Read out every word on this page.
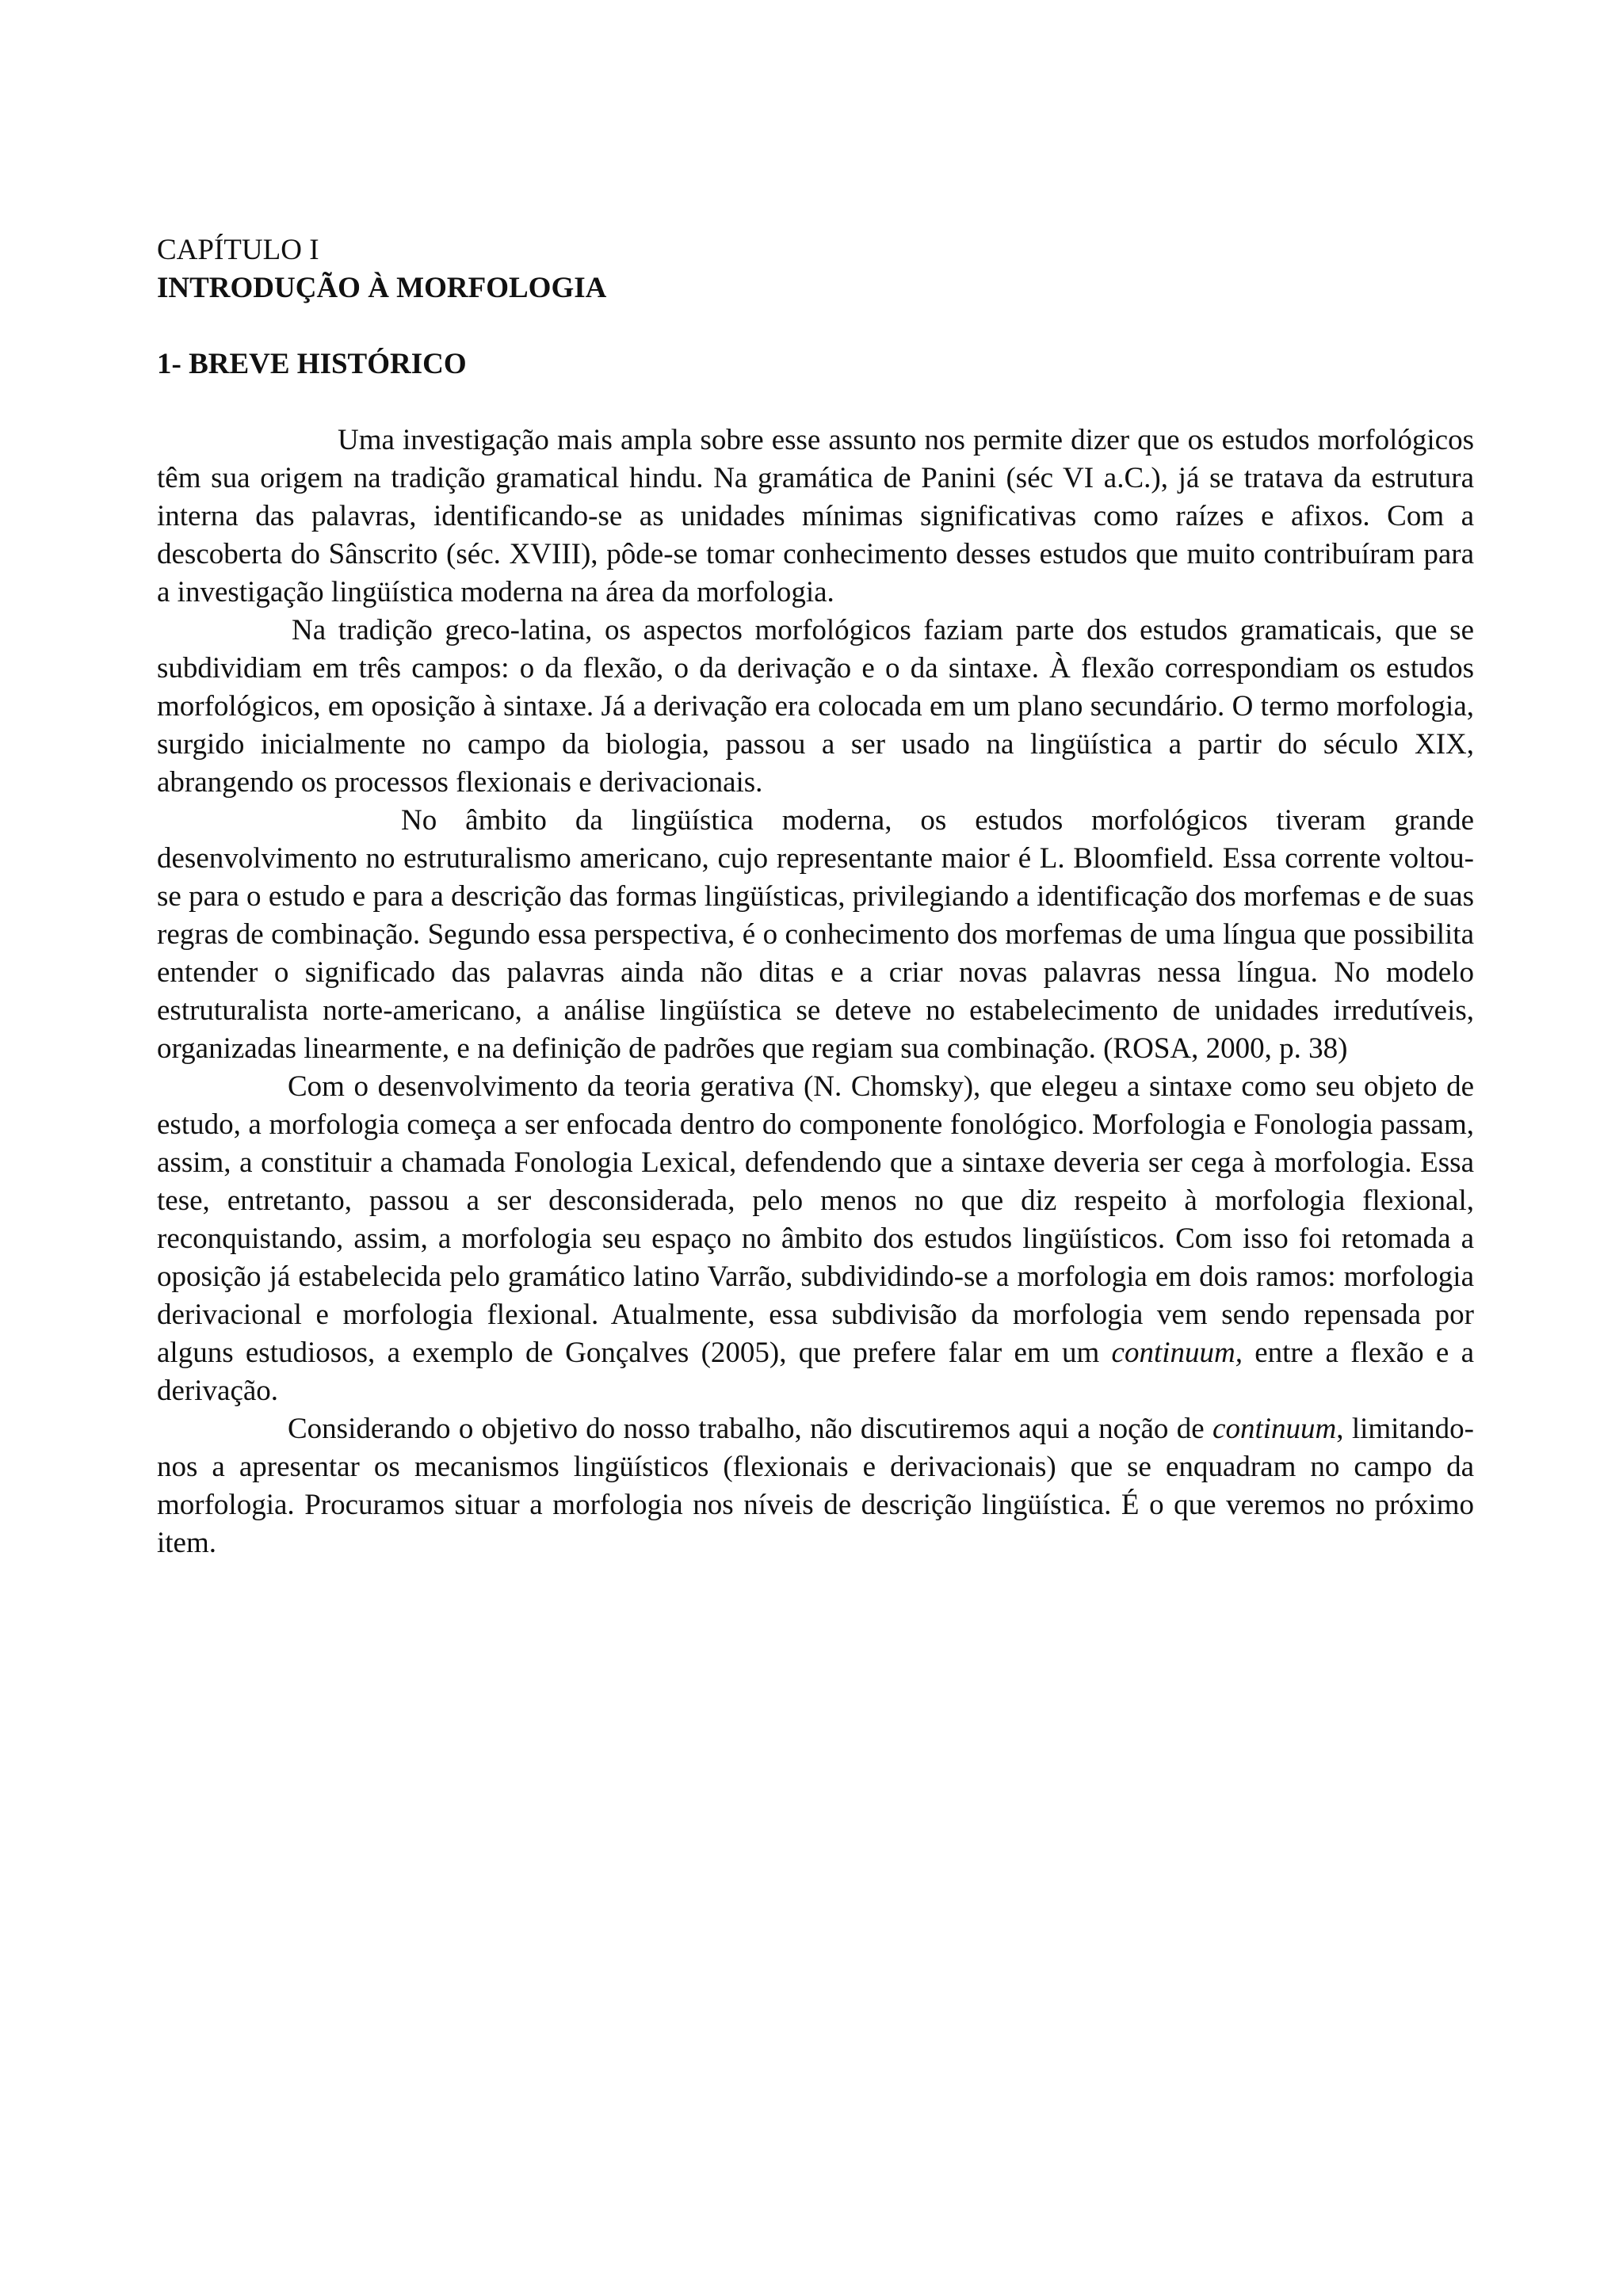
CAPÍTULO I

INTRODUÇÃO À MORFOLOGIA

1- BREVE HISTÓRICO

Uma investigação mais ampla sobre esse assunto nos permite dizer que os estudos morfológicos têm sua origem na tradição gramatical hindu. Na gramática de Panini (séc VI a.C.), já se tratava da estrutura interna das palavras, identificando-se as unidades mínimas significativas como raízes e afixos. Com a descoberta do Sânscrito (séc. XVIII), pôde-se tomar conhecimento desses estudos que muito contribuíram para a investigação lingüística moderna na área da morfologia.

Na tradição greco-latina, os aspectos morfológicos faziam parte dos estudos gramaticais, que se subdividiam em três campos: o da flexão, o da derivação e o da sintaxe. À flexão correspondiam os estudos morfológicos, em oposição à sintaxe. Já a derivação era colocada em um plano secundário. O termo morfologia, surgido inicialmente no campo da biologia, passou a ser usado na lingüística a partir do século XIX, abrangendo os processos flexionais e derivacionais.

No âmbito da lingüística moderna, os estudos morfológicos tiveram grande desenvolvimento no estruturalismo americano, cujo representante maior é L. Bloomfield. Essa corrente voltou-se para o estudo e para a descrição das formas lingüísticas, privilegiando a identificação dos morfemas e de suas regras de combinação. Segundo essa perspectiva, é o conhecimento dos morfemas de uma língua que possibilita entender o significado das palavras ainda não ditas e a criar novas palavras nessa língua. No modelo estruturalista norte-americano, a análise lingüística se deteve no estabelecimento de unidades irredutíveis, organizadas linearmente, e na definição de padrões que regiam sua combinação. (ROSA, 2000, p. 38)

Com o desenvolvimento da teoria gerativa (N. Chomsky), que elegeu a sintaxe como seu objeto de estudo, a morfologia começa a ser enfocada dentro do componente fonológico. Morfologia e Fonologia passam, assim, a constituir a chamada Fonologia Lexical, defendendo que a sintaxe deveria ser cega à morfologia. Essa tese, entretanto, passou a ser desconsiderada, pelo menos no que diz respeito à morfologia flexional, reconquistando, assim, a morfologia seu espaço no âmbito dos estudos lingüísticos. Com isso foi retomada a oposição já estabelecida pelo gramático latino Varrão, subdividindo-se a morfologia em dois ramos: morfologia derivacional e morfologia flexional. Atualmente, essa subdivisão da morfologia vem sendo repensada por alguns estudiosos, a exemplo de Gonçalves (2005), que prefere falar em um continuum, entre a flexão e a derivação.

Considerando o objetivo do nosso trabalho, não discutiremos aqui a noção de continuum, limitando-nos a apresentar os mecanismos lingüísticos (flexionais e derivacionais) que se enquadram no campo da morfologia. Procuramos situar a morfologia nos níveis de descrição lingüística. É o que veremos no próximo item.
